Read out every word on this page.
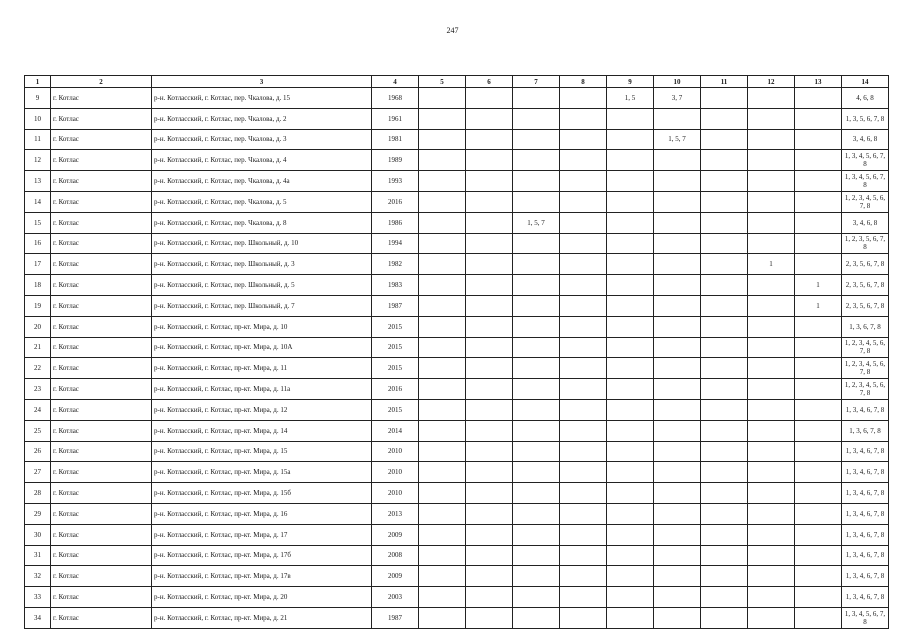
247
1	2	3	4	5	6	7	8	9	10	11	12	13	14
9	г. Котлас	р-н. Котласский, г. Котлас, пер. Чкалова, д. 15	1968					1, 5	3, 7				4, 6, 8
10	г. Котлас	р-н. Котласский, г. Котлас, пер. Чкалова, д. 2	1961										1, 3, 5, 6, 7, 8
11	г. Котлас	р-н. Котласский, г. Котлас, пер. Чкалова, д. 3	1981						1, 5, 7				3, 4, 6, 8
12	г. Котлас	р-н. Котласский, г. Котлас, пер. Чкалова, д. 4	1989										1, 3, 4, 5, 6, 7, 8
13	г. Котлас	р-н. Котласский, г. Котлас, пер. Чкалова, д. 4а	1993										1, 3, 4, 5, 6, 7, 8
14	г. Котлас	р-н. Котласский, г. Котлас, пер. Чкалова, д. 5	2016										1, 2, 3, 4, 5, 6, 7, 8
15	г. Котлас	р-н. Котласский, г. Котлас, пер. Чкалова, д. 8	1986			1, 5, 7							3, 4, 6, 8
16	г. Котлас	р-н. Котласский, г. Котлас, пер. Школьный, д. 10	1994										1, 2, 3, 5, 6, 7, 8
17	г. Котлас	р-н. Котласский, г. Котлас, пер. Школьный, д. 3	1982								1		2, 3, 5, 6, 7, 8
18	г. Котлас	р-н. Котласский, г. Котлас, пер. Школьный, д. 5	1983									1	2, 3, 5, 6, 7, 8
19	г. Котлас	р-н. Котласский, г. Котлас, пер. Школьный, д. 7	1987									1	2, 3, 5, 6, 7, 8
20	г. Котлас	р-н. Котласский, г. Котлас, пр-кт. Мира, д. 10	2015										1, 3, 6, 7, 8
21	г. Котлас	р-н. Котласский, г. Котлас, пр-кт. Мира, д. 10А	2015										1, 2, 3, 4, 5, 6, 7, 8
22	г. Котлас	р-н. Котласский, г. Котлас, пр-кт. Мира, д. 11	2015										1, 2, 3, 4, 5, 6, 7, 8
23	г. Котлас	р-н. Котласский, г. Котлас, пр-кт. Мира, д. 11а	2016										1, 2, 3, 4, 5, 6, 7, 8
24	г. Котлас	р-н. Котласский, г. Котлас, пр-кт. Мира, д. 12	2015										1, 3, 4, 6, 7, 8
25	г. Котлас	р-н. Котласский, г. Котлас, пр-кт. Мира, д. 14	2014										1, 3, 6, 7, 8
26	г. Котлас	р-н. Котласский, г. Котлас, пр-кт. Мира, д. 15	2010										1, 3, 4, 6, 7, 8
27	г. Котлас	р-н. Котласский, г. Котлас, пр-кт. Мира, д. 15а	2010										1, 3, 4, 6, 7, 8
28	г. Котлас	р-н. Котласский, г. Котлас, пр-кт. Мира, д. 15б	2010										1, 3, 4, 6, 7, 8
29	г. Котлас	р-н. Котласский, г. Котлас, пр-кт. Мира, д. 16	2013										1, 3, 4, 6, 7, 8
30	г. Котлас	р-н. Котласский, г. Котлас, пр-кт. Мира, д. 17	2009										1, 3, 4, 6, 7, 8
31	г. Котлас	р-н. Котласский, г. Котлас, пр-кт. Мира, д. 17б	2008										1, 3, 4, 6, 7, 8
32	г. Котлас	р-н. Котласский, г. Котлас, пр-кт. Мира, д. 17в	2009										1, 3, 4, 6, 7, 8
33	г. Котлас	р-н. Котласский, г. Котлас, пр-кт. Мира, д. 20	2003										1, 3, 4, 6, 7, 8
34	г. Котлас	р-н. Котласский, г. Котлас, пр-кт. Мира, д. 21	1987										1, 3, 4, 5, 6, 7, 8
